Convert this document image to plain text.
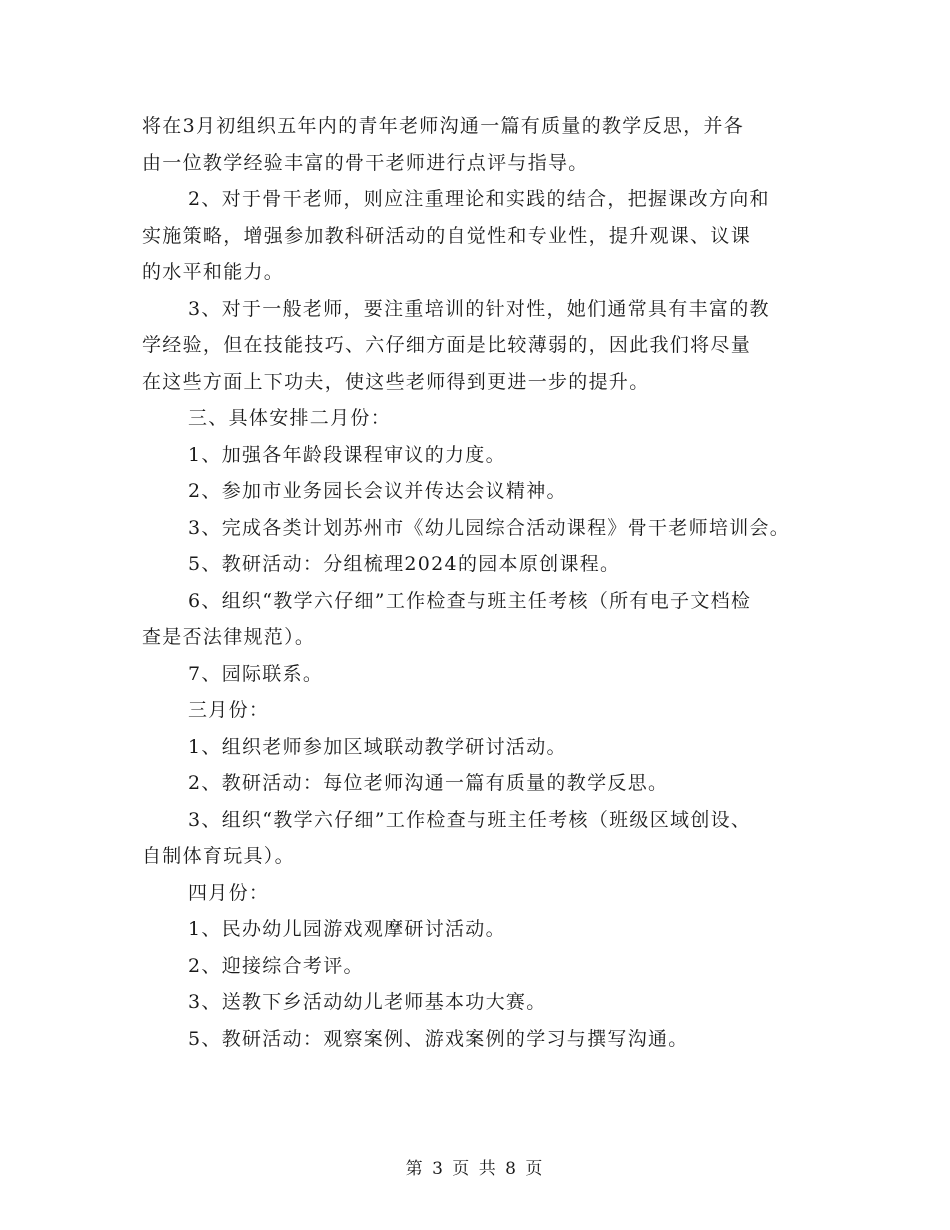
将在3月初组织五年内的青年老师沟通一篇有质量的教学反思，并各
由一位教学经验丰富的骨干老师进行点评与指导。
2、对于骨干老师，则应注重理论和实践的结合，把握课改方向和
实施策略，增强参加教科研活动的自觉性和专业性，提升观课、议课
的水平和能力。
3、对于一般老师，要注重培训的针对性，她们通常具有丰富的教
学经验，但在技能技巧、六仔细方面是比较薄弱的，因此我们将尽量
在这些方面上下功夫，使这些老师得到更进一步的提升。
三、具体安排二月份：
1、加强各年龄段课程审议的力度。
2、参加市业务园长会议并传达会议精神。
3、完成各类计划苏州市《幼儿园综合活动课程》骨干老师培训会。
5、教研活动：分组梳理2024的园本原创课程。
6、组织“教学六仔细”工作检查与班主任考核（所有电子文档检
查是否法律规范）。
7、园际联系。
三月份：
1、组织老师参加区域联动教学研讨活动。
2、教研活动：每位老师沟通一篇有质量的教学反思。
3、组织“教学六仔细”工作检查与班主任考核（班级区域创设、
自制体育玩具）。
四月份：
1、民办幼儿园游戏观摩研讨活动。
2、迎接综合考评。
3、送教下乡活动幼儿老师基本功大赛。
5、教研活动：观察案例、游戏案例的学习与撰写沟通。
第 3 页 共 8 页
